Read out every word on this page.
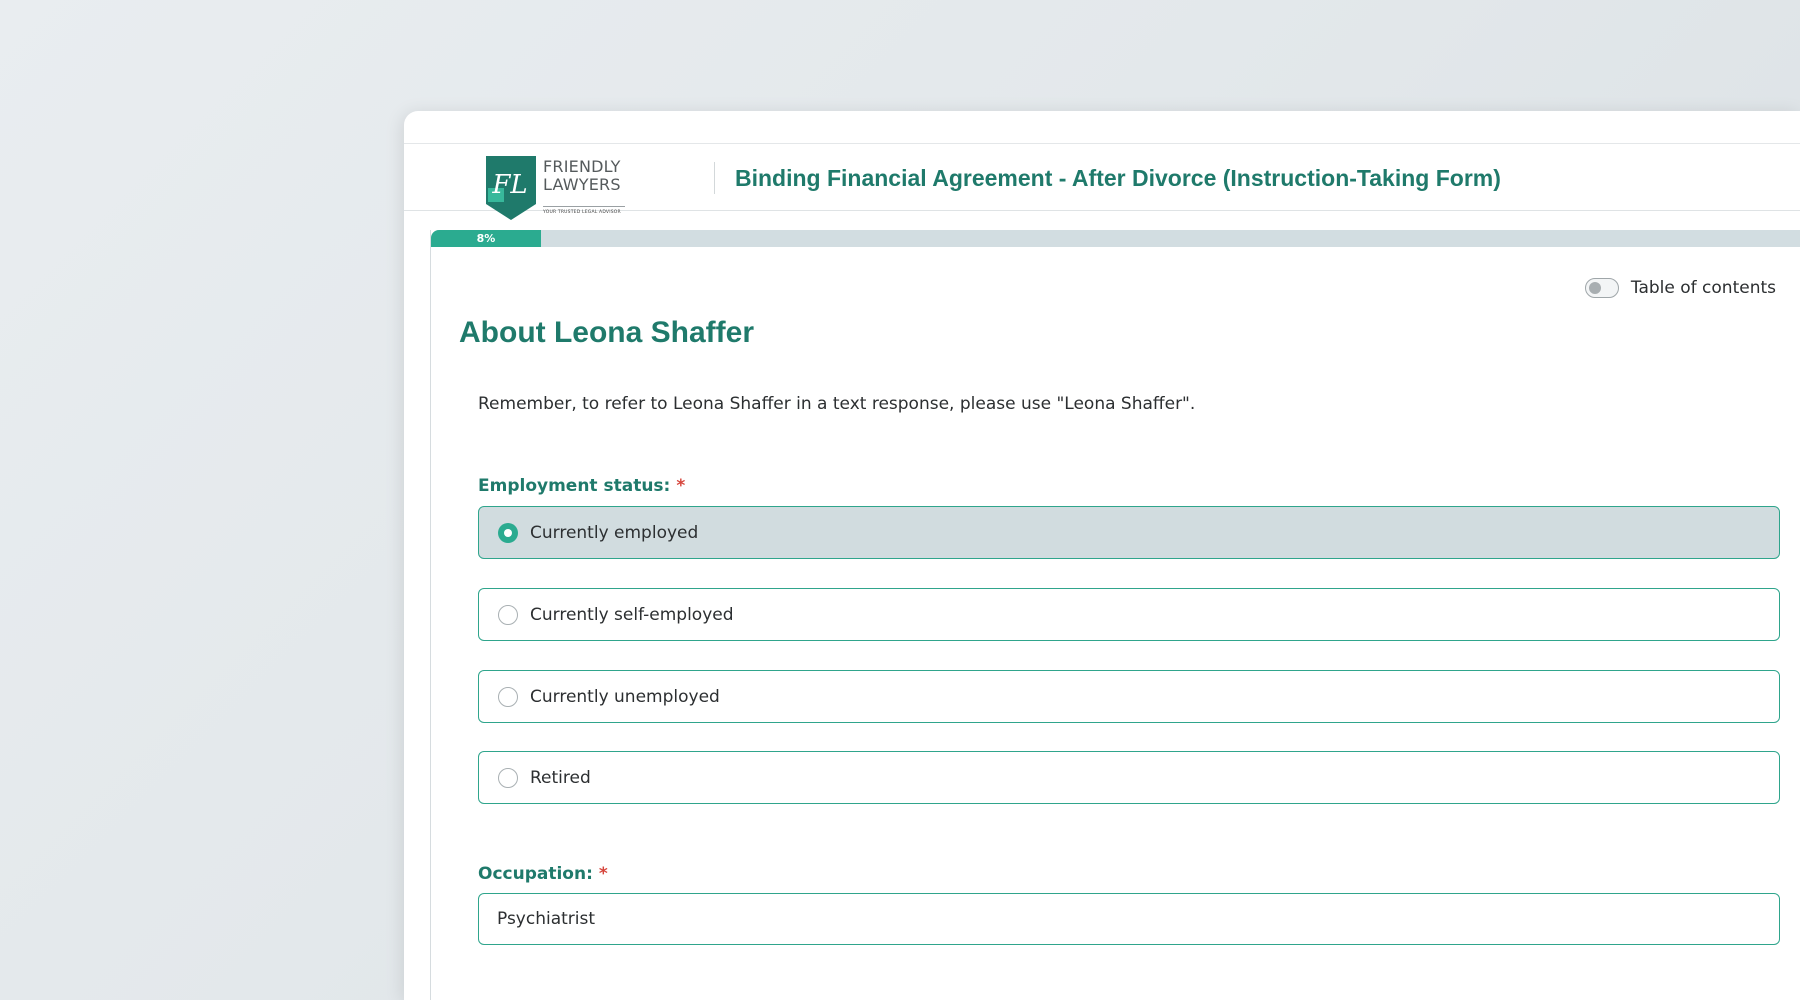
FL
FRIENDLY
LAWYERS
YOUR TRUSTED LEGAL ADVISOR
Binding Financial Agreement - After Divorce (Instruction-Taking Form)
8%
Table of contents
About Leona Shaffer
Remember, to refer to Leona Shaffer in a text response, please use "Leona Shaffer".
Employment status: *
Currently employed
Currently self-employed
Currently unemployed
Retired
Occupation: *
Psychiatrist
